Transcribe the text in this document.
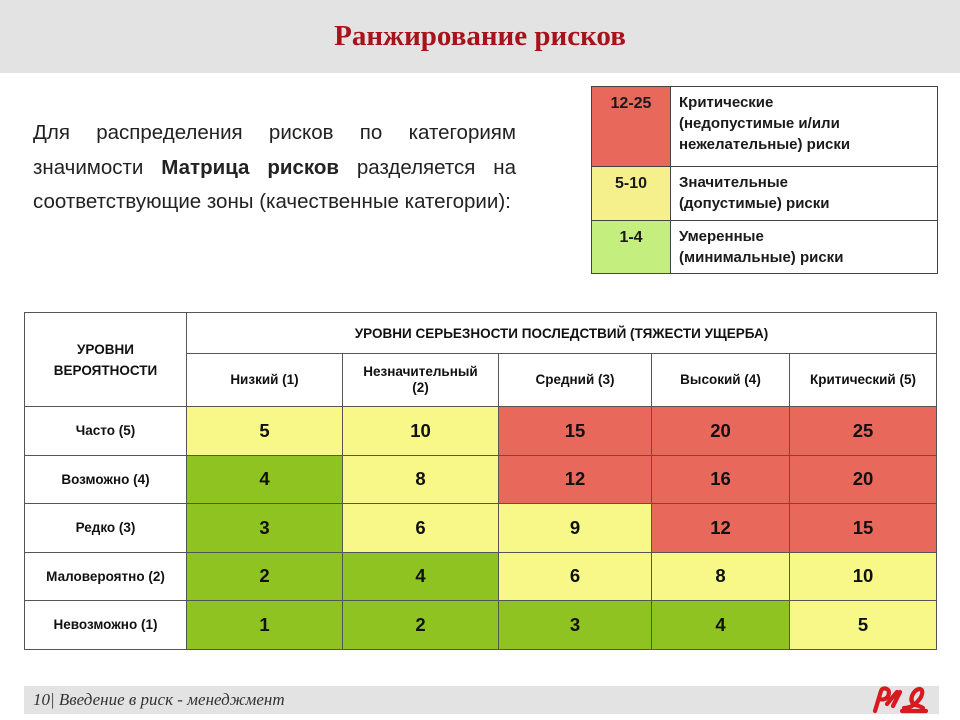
Ранжирование рисков

Для распределения рисков по категориям значимости Матрица рисков разделяется на соответствующие зоны (качественные категории):

12-25	Критические
(недопустимые и/или
нежелательные) риски

5-10	Значительные
(допустимые) риски

1-4	Умеренные
(минимальные) риски
УРОВНИ
ВЕРОЯТНОСТИ	УРОВНИ СЕРЬЕЗНОСТИ ПОСЛЕДСТВИЙ (ТЯЖЕСТИ УЩЕРБА)				

	Низкий (1)	Незначительный
(2)	Средний (3)	Высокий (4)	Критический (5)

Часто (5)	5	10	15	20	25
Возможно (4)	4	8	12	16	20
Редко (3)	3	6	9	12	15
Маловероятно (2)	2	4	6	8	10
Невозможно (1)	1	2	3	4	5
10| Введение в риск - менеджмент
